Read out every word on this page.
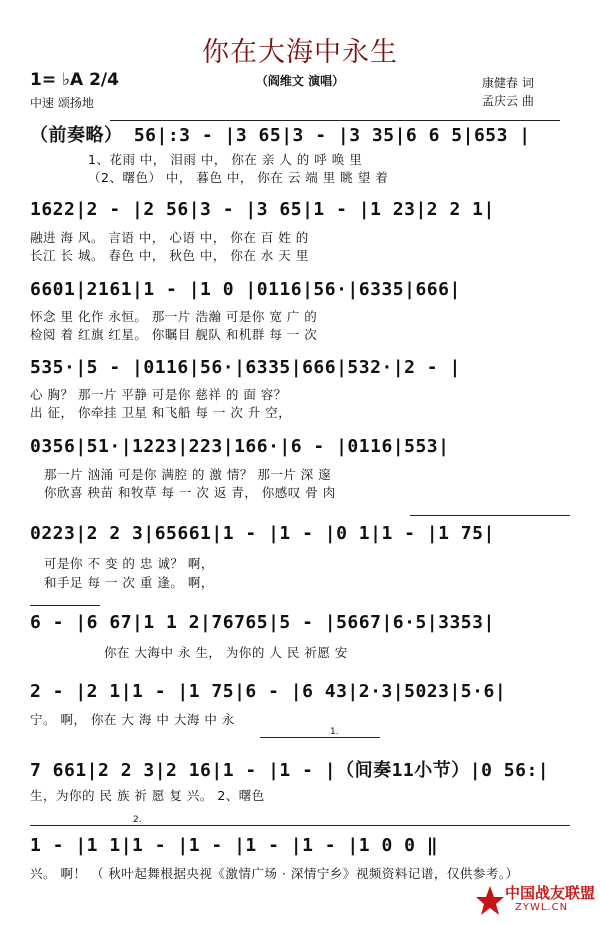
你在大海中永生
1= ♭A 2/4
中速 颂扬地
（阎维文 演唱）	康健春 词
孟庆云 曲
（前奏略） 56|:3 - |3 65|3 - |3 35|6 6 5|653 |
1、花雨 中， 泪雨 中， 你在 亲 人 的 呼 唤 里
（2、曙色） 中， 暮色 中， 你在 云 端 里 眺 望 着
1622|2 - |2 56|3 - |3 65|1 - |1 23|2 2 1|
融进 海 风。 言语 中， 心语 中， 你在 百 姓 的
长江 长 城。 春色 中， 秋色 中， 你在 水 天 里
6601|2161|1 - |1 0 |0116|56·|6335|666|
怀念 里 化作 永恒。 那一片 浩瀚 可是你 宽 广 的
检阅 着 红旗 红星。 你瞩目 舰队 和机群 每 一 次
535·|5 - |0116|56·|6335|666|532·|2 - |
心 胸？ 那一片 平静 可是你 慈祥 的 面 容？
出 征， 你牵挂 卫星 和飞船 每 一 次 升 空，
0356|51·|1223|223|166·|6 - |0116|553|
那一片 汹涌 可是你 满腔 的 激 情？ 那一片 深 邃
你欣喜 秧苗 和牧草 每 一 次 返 青， 你感叹 骨 肉
0223|2 2 3|65661|1 - |1 - |0 1|1 - |1 75|
可是你 不 变 的 忠 诚？ 啊，
和手足 每 一 次 重 逢。 啊，
6 - |6 67|1 1 2|76765|5 - |5667|6·5|3353|
你在 大海中 永 生， 为你的 人 民 祈愿 安
2 - |2 1|1 - |1 75|6 - |6 43|2·3|5023|5·6|
宁。 啊， 你在 大 海 中 大海 中 永
1.
7 661|2 2 3|2 16|1 - |1 - |（间奏11小节）|0 56:|
生，为你的 民 族 祈 愿 复 兴。 2、曙色
2.
1 - |1 1|1 - |1 - |1 - |1 - |1 0 0 ‖
兴。 啊！ （ 秋叶起舞根据央视《激情广场 · 深情宁乡》视频资料记谱，仅供参考。）
中国战友联盟
ZYWL.CN
